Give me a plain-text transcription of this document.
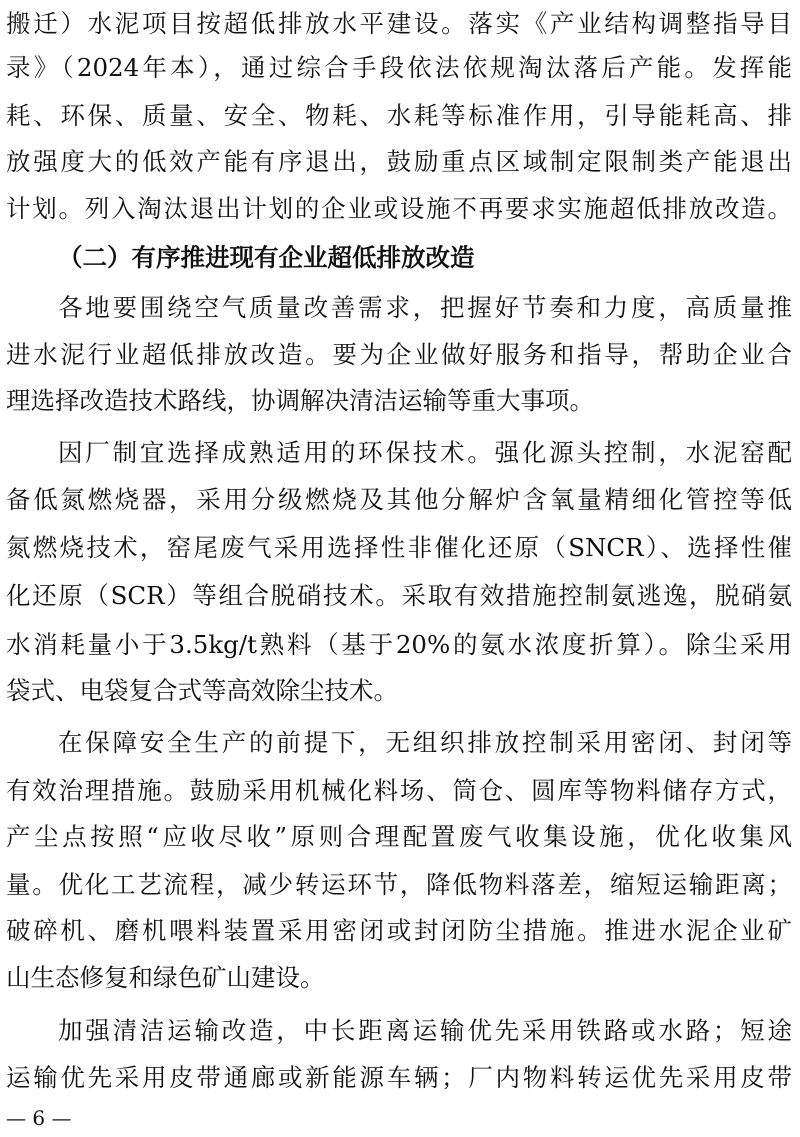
搬迁）水泥项目按超低排放水平建设。落实《产业结构调整指导目
录》（2024年本），通过综合手段依法依规淘汰落后产能。发挥能
耗、环保、质量、安全、物耗、水耗等标准作用，引导能耗高、排
放强度大的低效产能有序退出，鼓励重点区域制定限制类产能退出
计划。列入淘汰退出计划的企业或设施不再要求实施超低排放改造。
（二）有序推进现有企业超低排放改造
各地要围绕空气质量改善需求，把握好节奏和力度，高质量推
进水泥行业超低排放改造。要为企业做好服务和指导，帮助企业合
理选择改造技术路线，协调解决清洁运输等重大事项。
因厂制宜选择成熟适用的环保技术。强化源头控制，水泥窑配
备低氮燃烧器，采用分级燃烧及其他分解炉含氧量精细化管控等低
氮燃烧技术，窑尾废气采用选择性非催化还原（SNCR）、选择性催
化还原（SCR）等组合脱硝技术。采取有效措施控制氨逃逸，脱硝氨
水消耗量小于3.5kg/t熟料（基于20%的氨水浓度折算）。除尘采用
袋式、电袋复合式等高效除尘技术。
在保障安全生产的前提下，无组织排放控制采用密闭、封闭等
有效治理措施。鼓励采用机械化料场、筒仓、圆库等物料储存方式，
产尘点按照“应收尽收”原则合理配置废气收集设施，优化收集风
量。优化工艺流程，减少转运环节，降低物料落差，缩短运输距离；
破碎机、磨机喂料装置采用密闭或封闭防尘措施。推进水泥企业矿
山生态修复和绿色矿山建设。
加强清洁运输改造，中长距离运输优先采用铁路或水路；短途
运输优先采用皮带通廊或新能源车辆；厂内物料转运优先采用皮带
— 6 —
